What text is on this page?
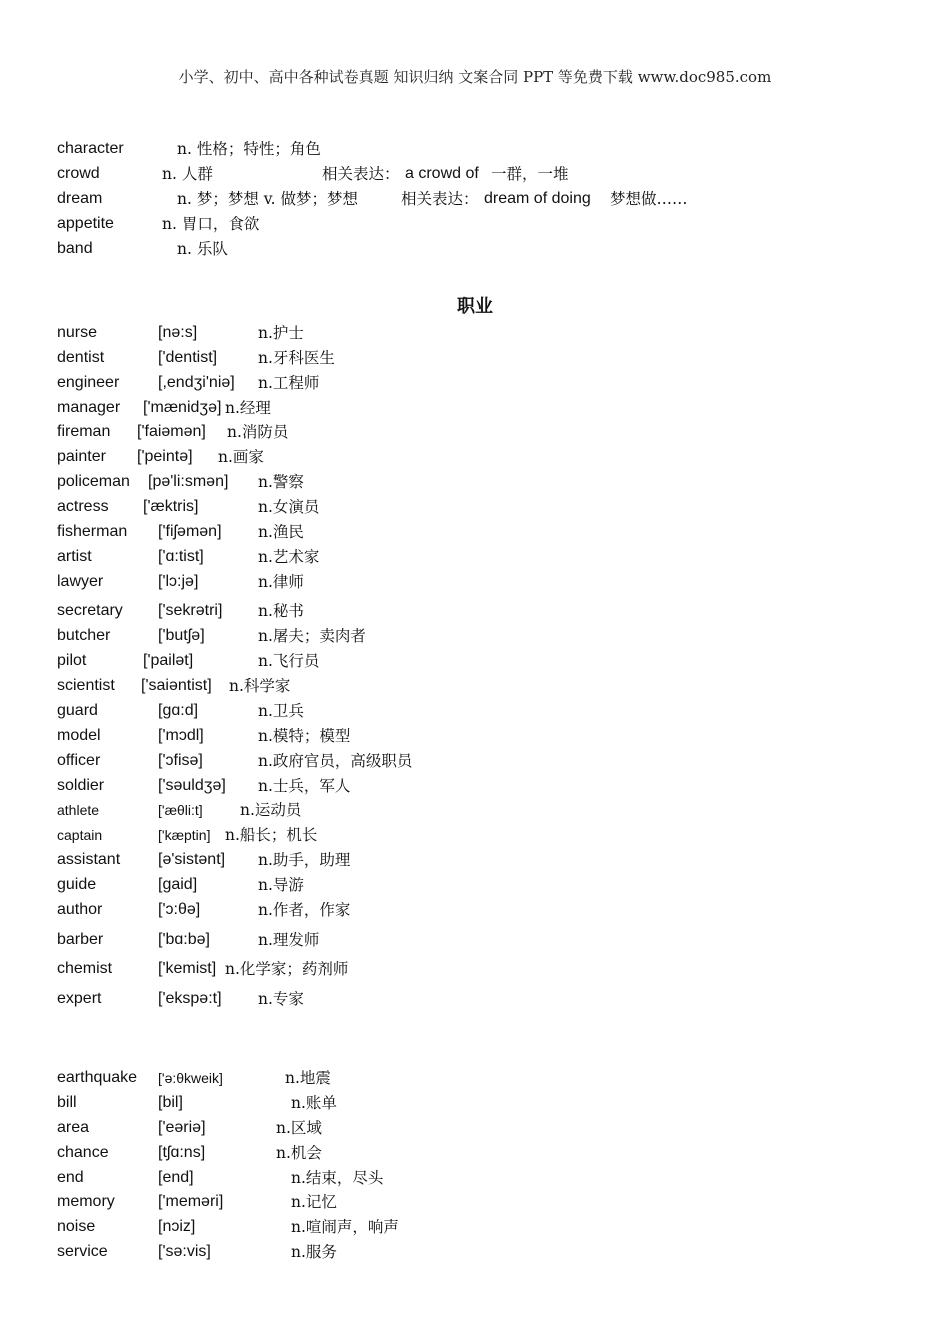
小学、初中、高中各种试卷真题 知识归纳 文案合同 PPT 等免费下载 www.doc985.com
character	n. 性格；特性；角色
crowd	n. 人群	相关表达： a crowd of 一群，一堆
dream	n. 梦；梦想 v. 做梦；梦想	相关表达： dream of doing 梦想做……
appetite	n. 胃口，食欲
band	n. 乐队
职业
nurse	[nə:s]	n.护士
dentist	['dentist]	n.牙科医生
engineer [,endʒi'niə] n.工程师
manager ['mænidʒə] n.经理
fireman ['faiəmən] n.消防员
painter ['peintə] n.画家
policeman [pə'li:smən] n.警察
actress ['æktris]	n.女演员
fisherman ['fiʃəmən] n.渔民
artist	['ɑ:tist]	n.艺术家
lawyer	['lɔ:jə]	n.律师
secretary ['sekrətri] n.秘书
butcher	['butʃə]	n.屠夫；卖肉者
pilot	['pailət]	n.飞行员
scientist ['saiəntist] n.科学家
guard	[gɑ:d]	n.卫兵
model	['mɔdl]	n.模特；模型
officer	['ɔfisə]	n.政府官员，高级职员
soldier	['səuldʒə] n.士兵，军人
athlete	['æθli:t] n.运动员
captain	['kæptin] n.船长；机长
assistant [ə'sistənt] n.助手，助理
guide	[gaid]	n.导游
author	['ɔ:θə]	n.作者，作家
barber	['bɑ:bə]	n.理发师
chemist	['kemist] n.化学家；药剂师
expert	['ekspə:t] n.专家
earthquake ['ə:θkweik]	n.地震
bill	[bil]	n.账单
area	['eəriə]	n.区域
chance	[tʃɑ:ns]	n.机会
end	[end]	n.结束，尽头
memory	['meməri]	n.记忆
noise	[nɔiz]	n.喧闹声，响声
service	['sə:vis]	n.服务
